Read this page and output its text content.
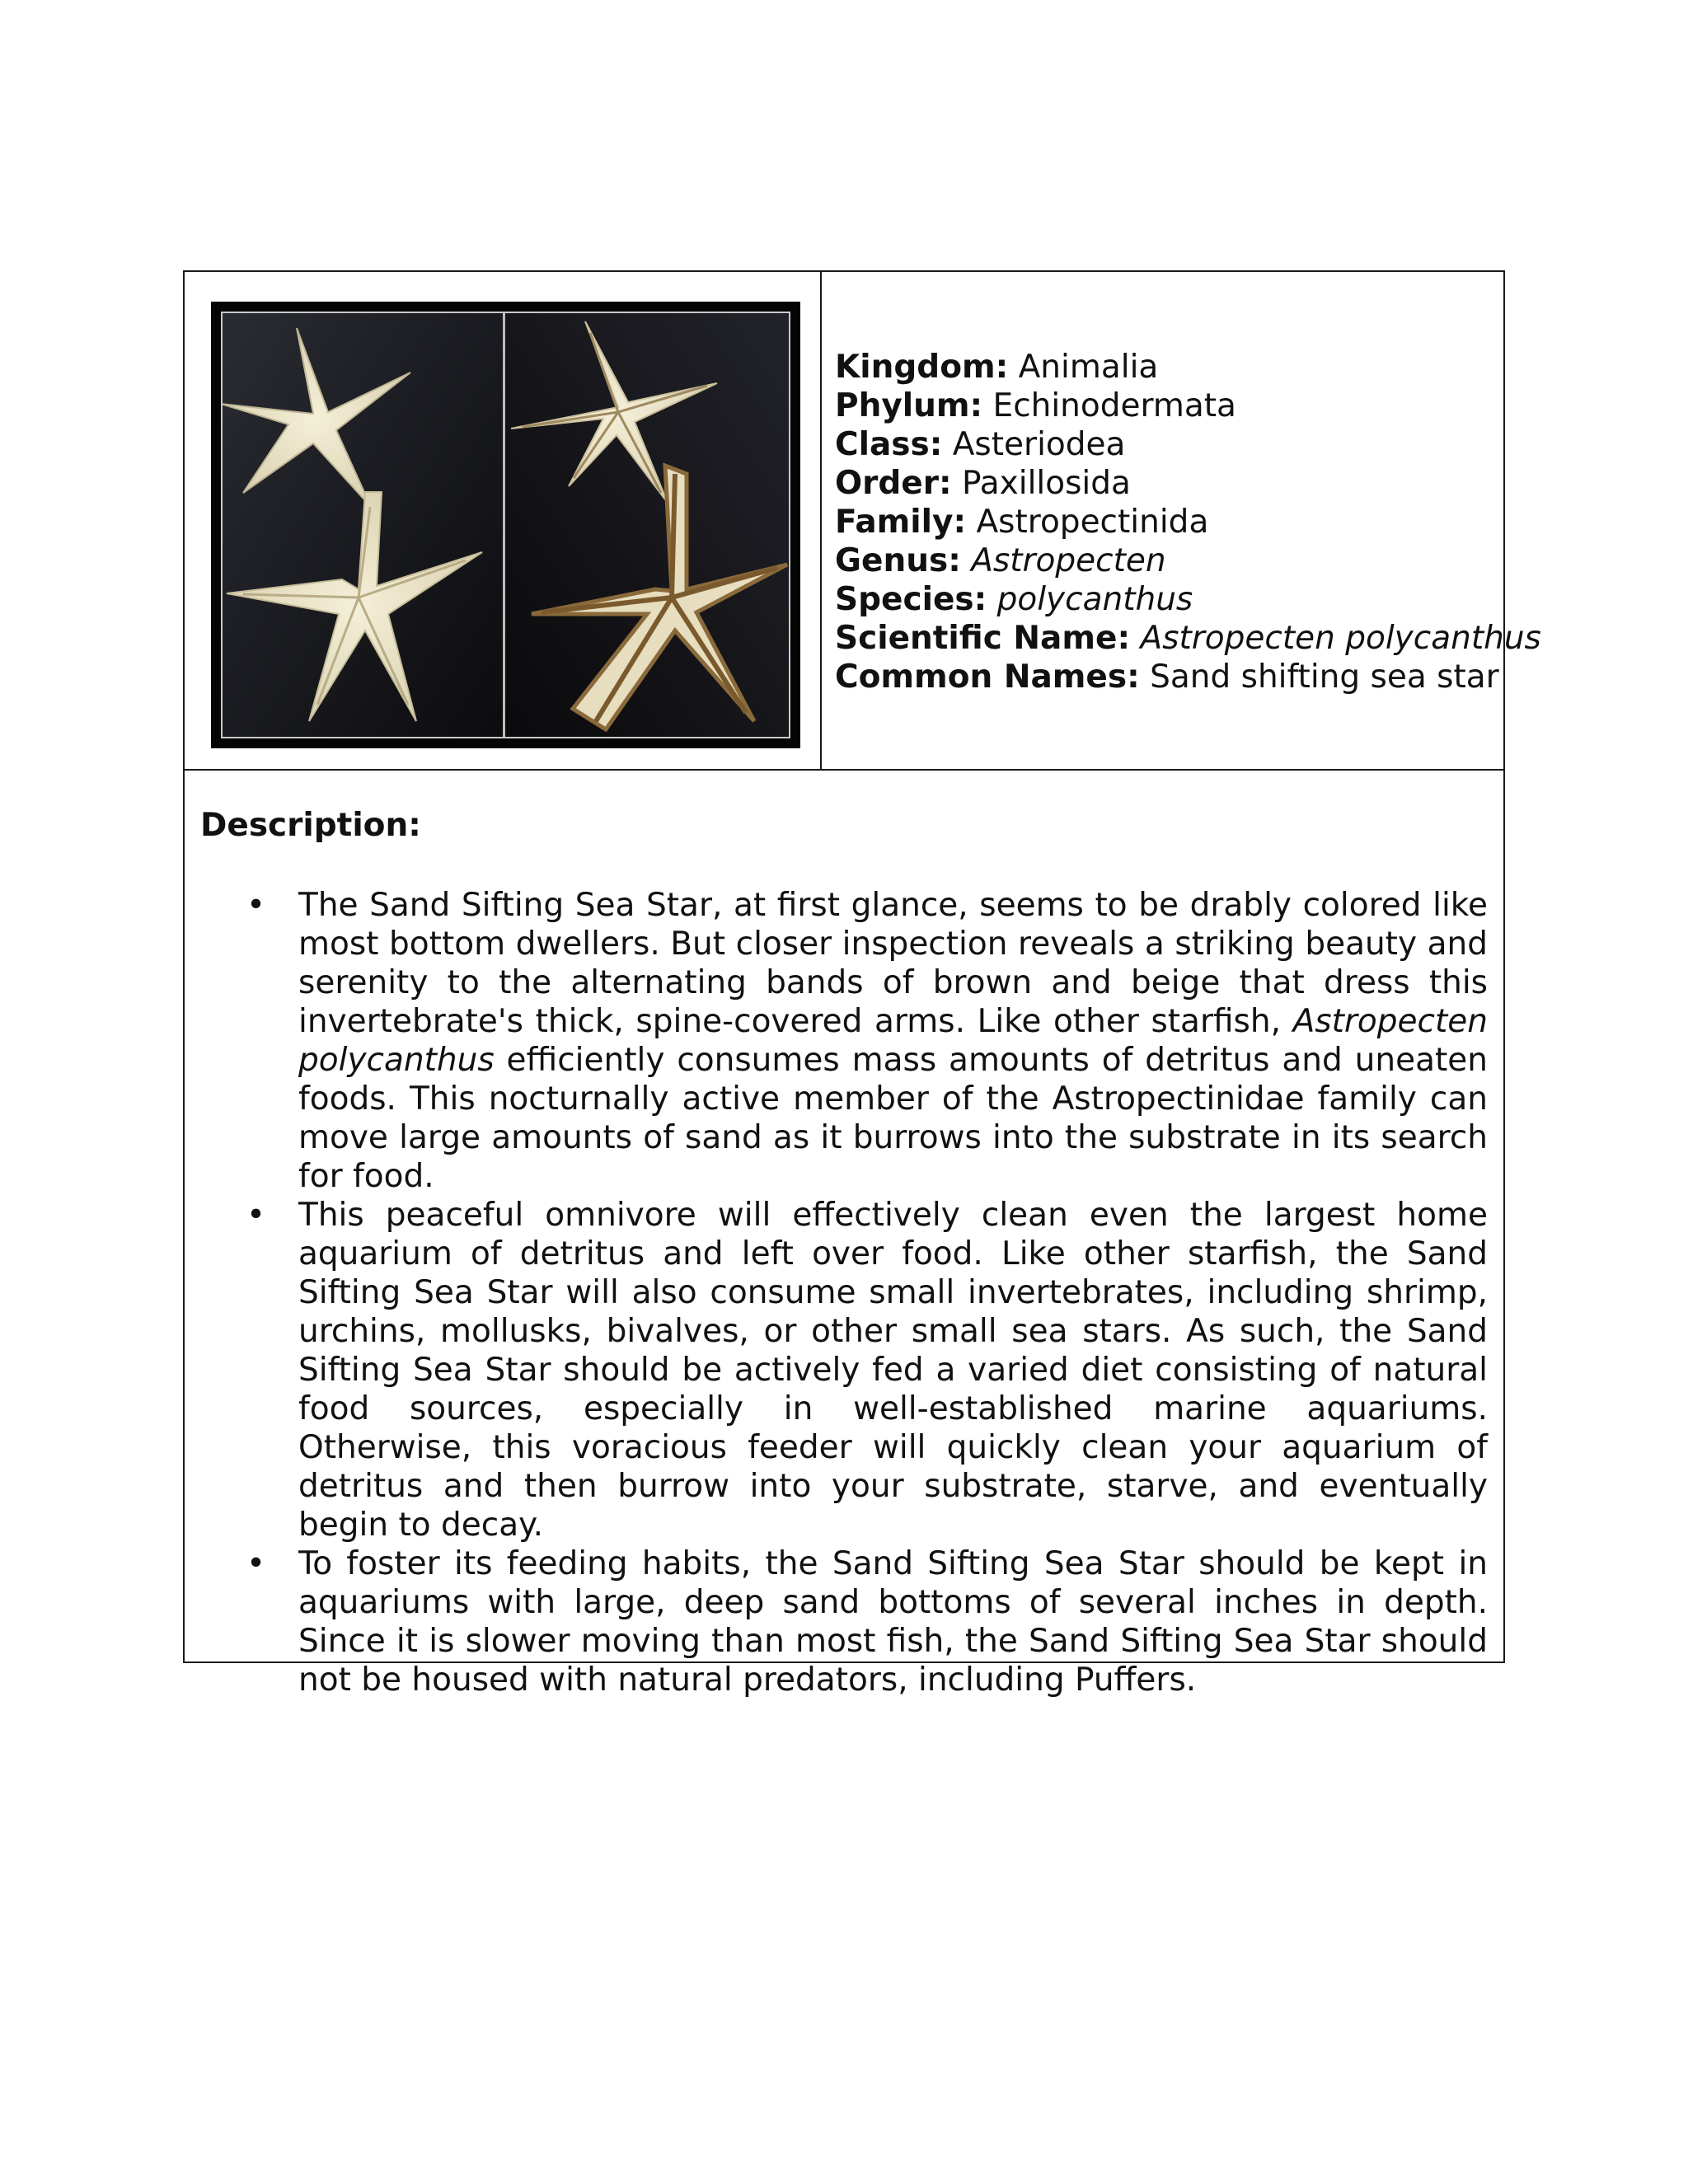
Kingdom: Animalia
Phylum: Echinodermata
Class: Asteriodea
Order: Paxillosida
Family: Astropectinida
Genus: Astropecten
Species: polycanthus
Scientific Name: Astropecten polycanthus
Common Names: Sand shifting sea star
Description:
• The Sand Sifting Sea Star, at first glance, seems to be drably colored like most bottom dwellers. But closer inspection reveals a striking beauty and serenity to the alternating bands of brown and beige that dress this invertebrate's thick, spine-covered arms. Like other starfish, Astropecten polycanthus efficiently consumes mass amounts of detritus and uneaten foods. This nocturnally active member of the Astropectinidae family can move large amounts of sand as it burrows into the substrate in its search for food.
• This peaceful omnivore will effectively clean even the largest home aquarium of detritus and left over food. Like other starfish, the Sand Sifting Sea Star will also consume small invertebrates, including shrimp, urchins, mollusks, bivalves, or other small sea stars. As such, the Sand Sifting Sea Star should be actively fed a varied diet consisting of natural food sources, especially in well-established marine aquariums. Otherwise, this voracious feeder will quickly clean your aquarium of detritus and then burrow into your substrate, starve, and eventually begin to decay.
• To foster its feeding habits, the Sand Sifting Sea Star should be kept in aquariums with large, deep sand bottoms of several inches in depth. Since it is slower moving than most fish, the Sand Sifting Sea Star should not be housed with natural predators, including Puffers.
